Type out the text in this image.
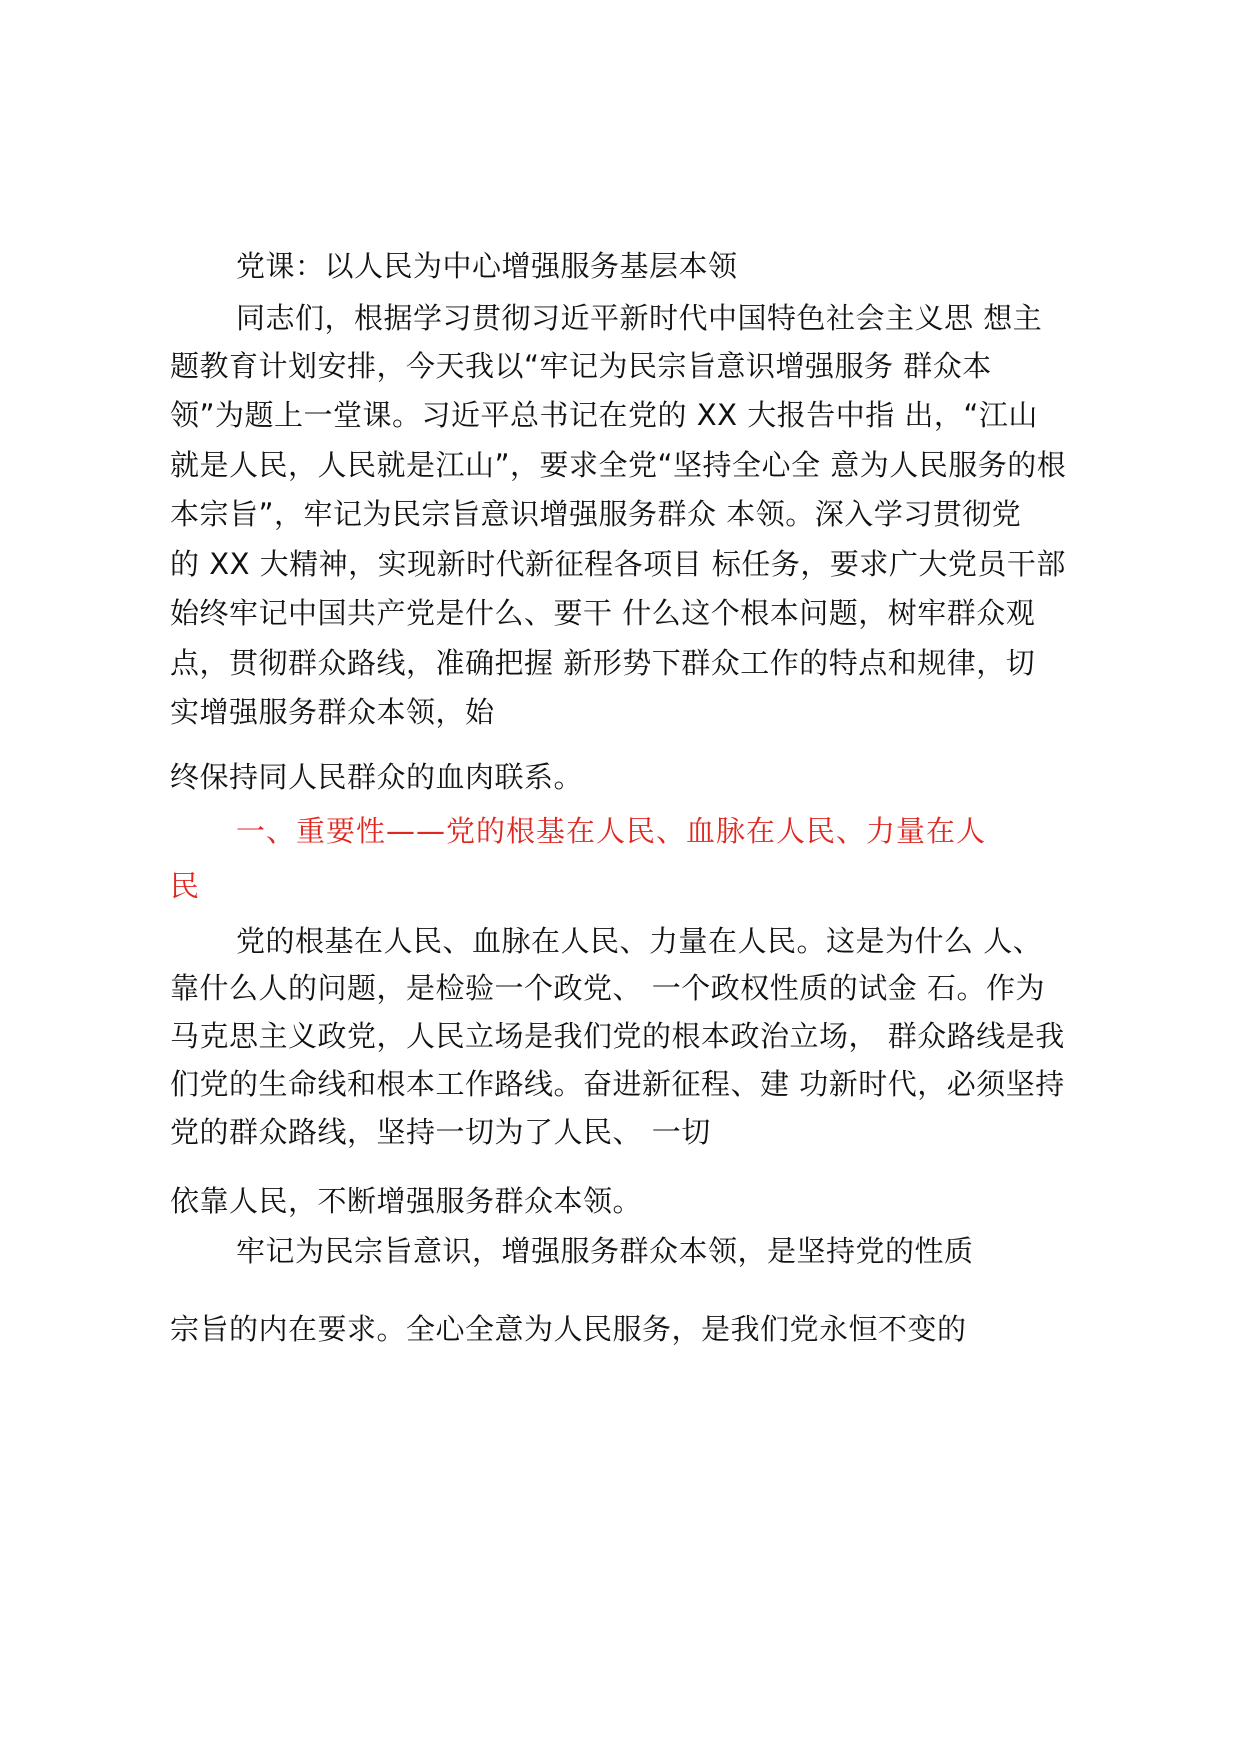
党课：以人民为中心增强服务基层本领
同志们，根据学习贯彻习近平新时代中国特色社会主义思 想主
题教育计划安排，今天我以“牢记为民宗旨意识增强服务 群众本
领”为题上一堂课。习近平总书记在党的 XX 大报告中指 出，“江山
就是人民，人民就是江山”，要求全党“坚持全心全 意为人民服务的根
本宗旨”，牢记为民宗旨意识增强服务群众 本领。深入学习贯彻党
的 XX 大精神，实现新时代新征程各项目 标任务，要求广大党员干部
始终牢记中国共产党是什么、要干 什么这个根本问题，树牢群众观
点，贯彻群众路线，准确把握 新形势下群众工作的特点和规律，切
实增强服务群众本领，始
终保持同人民群众的血肉联系。
一、重要性——党的根基在人民、血脉在人民、力量在人
民
党的根基在人民、血脉在人民、力量在人民。这是为什么 人、
靠什么人的问题，是检验一个政党、 一个政权性质的试金 石。作为
马克思主义政党，人民立场是我们党的根本政治立场， 群众路线是我
们党的生命线和根本工作路线。奋进新征程、建 功新时代，必须坚持
党的群众路线，坚持一切为了人民、 一切
依靠人民，不断增强服务群众本领。
牢记为民宗旨意识，增强服务群众本领，是坚持党的性质
宗旨的内在要求。全心全意为人民服务，是我们党永恒不变的
